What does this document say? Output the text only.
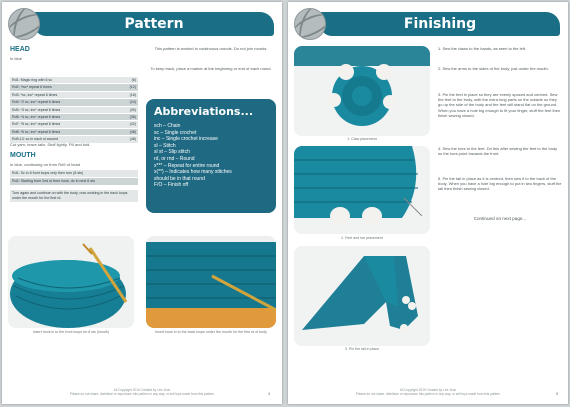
Pattern
HEAD
In blue
This pattern is worked in continuous rounds. Do not join rounds.
To keep track, place a marker at the beginning or end of each round.
Rd1: Magic ring with 6 sc	(6)
Rd2: *inc* repeat 6 times	(12)
Rd3: *sc, inc* repeat 6 times	(18)
Rd4: *2 sc, inc* repeat 6 times	(24)
Rd5: *3 sc, inc* repeat 6 times	(30)
Rd6: *4 sc, inc* repeat 6 times	(36)
Rd7: *5 sc, inc* repeat 6 times	(42)
Rd8: *6 sc, inc* repeat 6 times	(48)
Rd9-13: sc in each st around	(48)
Cut yarn, leave tails. Stuff lightly. Fill and fold.
MOUTH
In blue, continuing on from Rd9 of head
Rd1: Sc in 8 front loops only then turn (8 sts)
Rd2: Starting from 2nd st from hook, dc in next 6 sts
Turn again and continue on with the body, now working in the back loops under the mouth for the first rd.
Abbreviations...
sch – Chain
sc – Single crochet
inc – Single crochet increase
sl – Stitch
sl st – Slip stitch
rd, or rnd – Round
x*** – Repeat for entire round
x(**) – Indicates how many stitches
should be in that round
F/O – Finish off
Insert hook in to the front loops for 8 sts (mouth)	Insert hook in to the back loops under the mouth for the first rd of body
All Copyright 2015 Created by Lee Jeon
Please do not share, distribute or reproduce this pattern in any way, or sell toys made from this pattern	4
Finishing
1. Claw placement
2. Feet and toe placement
3. Pin the tail in place
1. Sew the claws to the hands, as seen to the left.
2. Sew the arms to the sides of the body, just under the mouth.
3. Pin the feet in place so they are evenly spaced and centred. Sew the feet to the body, with the extra long parts on the outside so they go up the side of the body and the feet will stand flat on the ground. When you have a hole big enough to fit your finger, stuff the feet then finish sewing closed.
4. Sew the toes to the feet. Do this after sewing the feet to the body so the toes point towards the front.
5. Pin the tail in place as it is centred, then sew it to the back of the body. When you have a hole big enough to put in two fingers, stuff the tail then finish sewing closed.
Continued on next page...
All Copyright 2015 Created by Lee Jeon
Please do not share, distribute or reproduce this pattern in any way, or sell toys made from this pattern	5
